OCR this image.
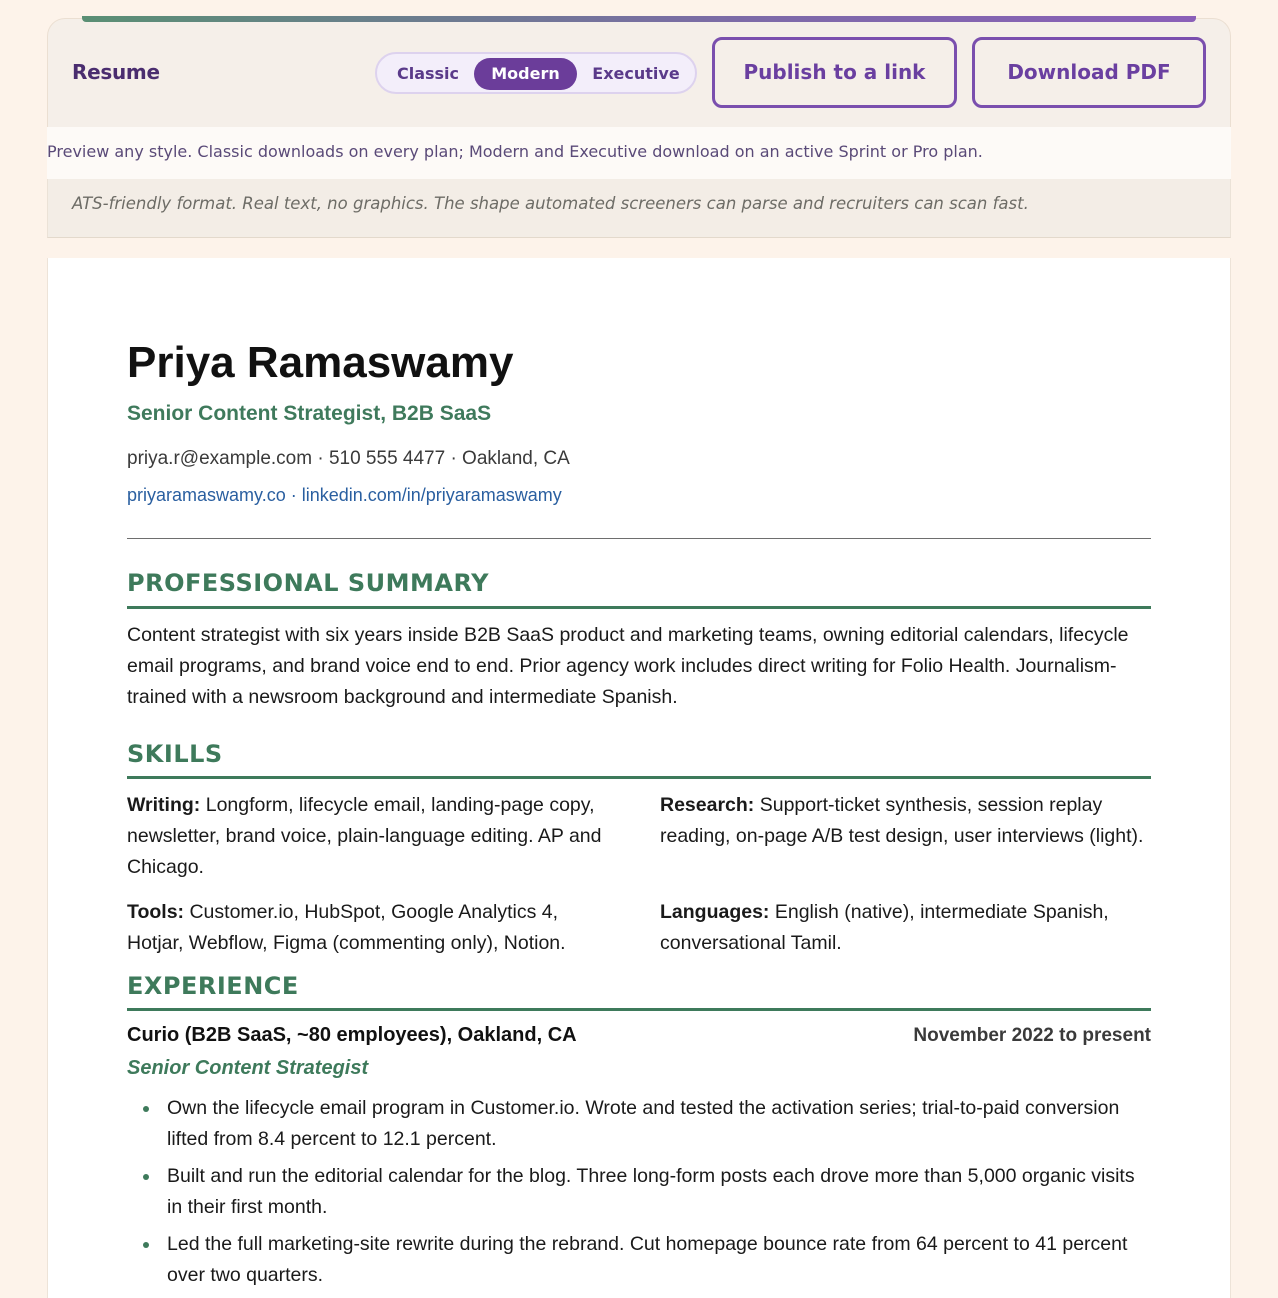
Resume	Classic	Modern	Executive	Publish to a link	Download PDF
Preview any style. Classic downloads on every plan; Modern and Executive download on an active Sprint or Pro plan.
ATS-friendly format. Real text, no graphics. The shape automated screeners can parse and recruiters can scan fast.
Priya Ramaswamy
Senior Content Strategist, B2B SaaS
priya.r@example.com · 510 555 4477 · Oakland, CA
priyaramaswamy.co · linkedin.com/in/priyaramaswamy
PROFESSIONAL SUMMARY
Content strategist with six years inside B2B SaaS product and marketing teams, owning editorial calendars, lifecycle email programs, and brand voice end to end. Prior agency work includes direct writing for Folio Health. Journalism-trained with a newsroom background and intermediate Spanish.
SKILLS
Writing: Longform, lifecycle email, landing-page copy, newsletter, brand voice, plain-language editing. AP and Chicago.
Research: Support-ticket synthesis, session replay reading, on-page A/B test design, user interviews (light).
Tools: Customer.io, HubSpot, Google Analytics 4, Hotjar, Webflow, Figma (commenting only), Notion.
Languages: English (native), intermediate Spanish, conversational Tamil.
EXPERIENCE
Curio (B2B SaaS, ~80 employees), Oakland, CA	November 2022 to present
Senior Content Strategist
Own the lifecycle email program in Customer.io. Wrote and tested the activation series; trial-to-paid conversion lifted from 8.4 percent to 12.1 percent.
Built and run the editorial calendar for the blog. Three long-form posts each drove more than 5,000 organic visits in their first month.
Led the full marketing-site rewrite during the rebrand. Cut homepage bounce rate from 64 percent to 41 percent over two quarters.
